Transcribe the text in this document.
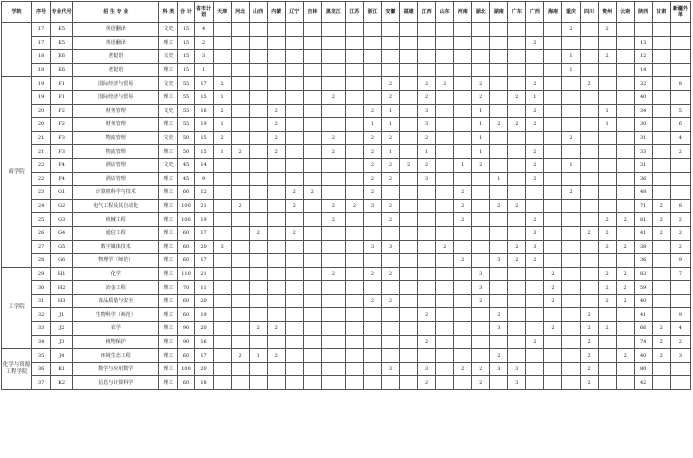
学院	序号	专业代号	招 生 专 业	科 类	合 计	省市计划	天津	河北	山西	内蒙	辽宁	吉林	黑龙江	江苏	浙江	安徽	福建	江西	山东	河南	湖北	湖南	广东	广西	海南	重庆	四川	贵州	云南	陕西	甘肃	新疆外单
	17	E5	英语翻译	文史	15	4																				2		2				
	17	E5	英语翻译	理工	15	2																		2						13		
	18	E6	老挝语	文史	15	3																				1		2		12		
	18	E6	老挝语	理工	15	1																				1				14		
商学院	19	F1	国际经济与贸易	文史	55	17	2									2		2	2		2			2			2			32		8
	19	F1	国际经济与贸易	理工	55	15	1						2			2		2			2		2	1						40		
	20	F2	财务管理	文史	55	16	2			2					2	1		3			1			2				1		34		5
	20	F2	财务管理	理工	55	19	1			2					1	1		3			1	2	2	2				1		30		6
	21	F3	物流管理	文史	50	15	2			2			2		2	2		2			1					2				31		4
	21	F3	物流管理	理工	50	15	1	2		2			2		2	1		1			1			2						33		2
	22	F4	酒店管理	文史	45	14									2	2	2	2		1	2			2		1				31		
	22	F4	酒店管理	理工	45	9									2	2		3				1		2						36		
	23	G1	计算机科学与技术	理工	60	12					2	2			2					2						2				48		
	24	G2	电气工程及其自动化	理工	100	21		2			2		2	2	3	2				2		2	2							71	2	8
	25	G3	机械工程	理工	100	19							2			2				2				2				2	2	81	2	2
	26	G4	通信工程	理工	60	17			2		2													3			2	2		41	2	2
	27	G5	数字媒体技术	理工	60	20	3								3	3			2				2	3				2	2	38		2
	28	G6	物理学（师范）	理工	60	17														2		3	2	2						36		9
工学院	29	H1	化学	理工	110	21							2		2	2					3				2			2	2	82		7
	30	H2	冶金工程	理工	70	11															3				2			2	2	59		
	31	H3	食品质量与安全	理工	60	20									2	2					2				2			2	2	40		
	32	J1	生物科学（师范）	理工	60	19												2				2					2			41		9
	33	J2	农学	理工	90	20			2	2												3			2		2	2		66	2	4
	34	J3	植物保护	理工	90	16												2						2			2			74	2	2
化学与资源工程学院	35	J4	环境生态工程	理工	60	17		2	1	2												2					2		2	40	2	3
	36	K1	数学与应用数学	理工	100	20										3		3		2	2	3	3				2			80		
	37	K2	信息与计算科学	理工	60	18												2			2		3				2			42		
